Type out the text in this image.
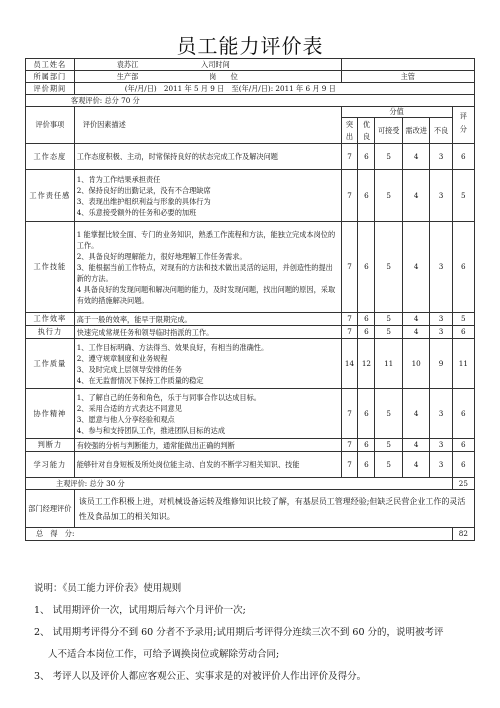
员工能力评价表
员工姓名	袁苏江 入司时间						
所属部门	生产部 岗　　位	主管					
评价期间	(年/月/日)　2011 年 5 月 9 日　至(年/月/日): 2011 年 6 月 9 日						
客观评价: 总分 70 分							
评价事项	评价因素描述	分值					评分
		突出	优良	可接受	需改进	不良	
工作态度	工作态度积极、主动，时常保持良好的状态完成工作及解决问题	7	6	5	4	3	6
工作责任感	1、肯为工作结果承担责任
2、保持良好的出勤记录，没有不合理缺席
3、表现出维护组织利益与形象的具体行为
4、乐意接受额外的任务和必要的加班	7	6	5	4	3	5
工作技能	1 能掌握比较全面、专门的业务知识，熟悉工作流程和方法，能独立完成本岗位的工作。
2、具备良好的理解能力，很好地理解工作任务需求。
3、能根据当前工作特点，对现有的方法和技术做出灵活的运用，并创造性的提出新的方法。
4 具备良好的发现问题和解决问题的能力，及时发现问题，找出问题的原因，采取有效的措施解决问题。	7	6	5	4	3	6
工作效率	高于一般的效率，能早于限期完成。	7	6	5	4	3	5
执行力	快速完成常规任务和领导临时指派的工作。	7	6	5	4	3	6
工作质量	1、工作目标明确、方法得当、效果良好，有相当的准确性。
2、遵守规章制度和业务规程
3、及时完成上层领导安排的任务
4、在无监督情况下保持工作质量的稳定	14	12	11	10	9	11
协作精神	1、了解自己的任务和角色，乐于与同事合作以达成目标。
2、采用合适的方式表达不同意见
3、愿意与他人分享经验和观点
4、参与和支持团队工作，推进团队目标的达成	7	6	5	4	3	6
判断力	有较强的分析与判断能力，通常能做出正确的判断	7	6	5	4	3	6
学习能力	能够针对自身短板及所处岗位能主动、自发的不断学习相关知识、技能	7	6	5	4	3	6
主观评价: 总分 30 分							25
部门经理评价	该员工工作积极上进，对机械设备运转及维修知识比较了解，有基层员工管理经验;但缺乏民营企业工作的灵活性及食品加工的相关知识。						
总　得　分:							82

说明：《员工能力评价表》使用规则

1、 试用期评价一次，试用期后每六个月评价一次;

2、 试用期考评得分不到 60 分者不予录用;试用期后考评得分连续三次不到 60 分的，说明被考评

人不适合本岗位工作，可给予调换岗位或解除劳动合同;

3、 考评人以及评价人都应客观公正、实事求是的对被评价人作出评价及得分。
